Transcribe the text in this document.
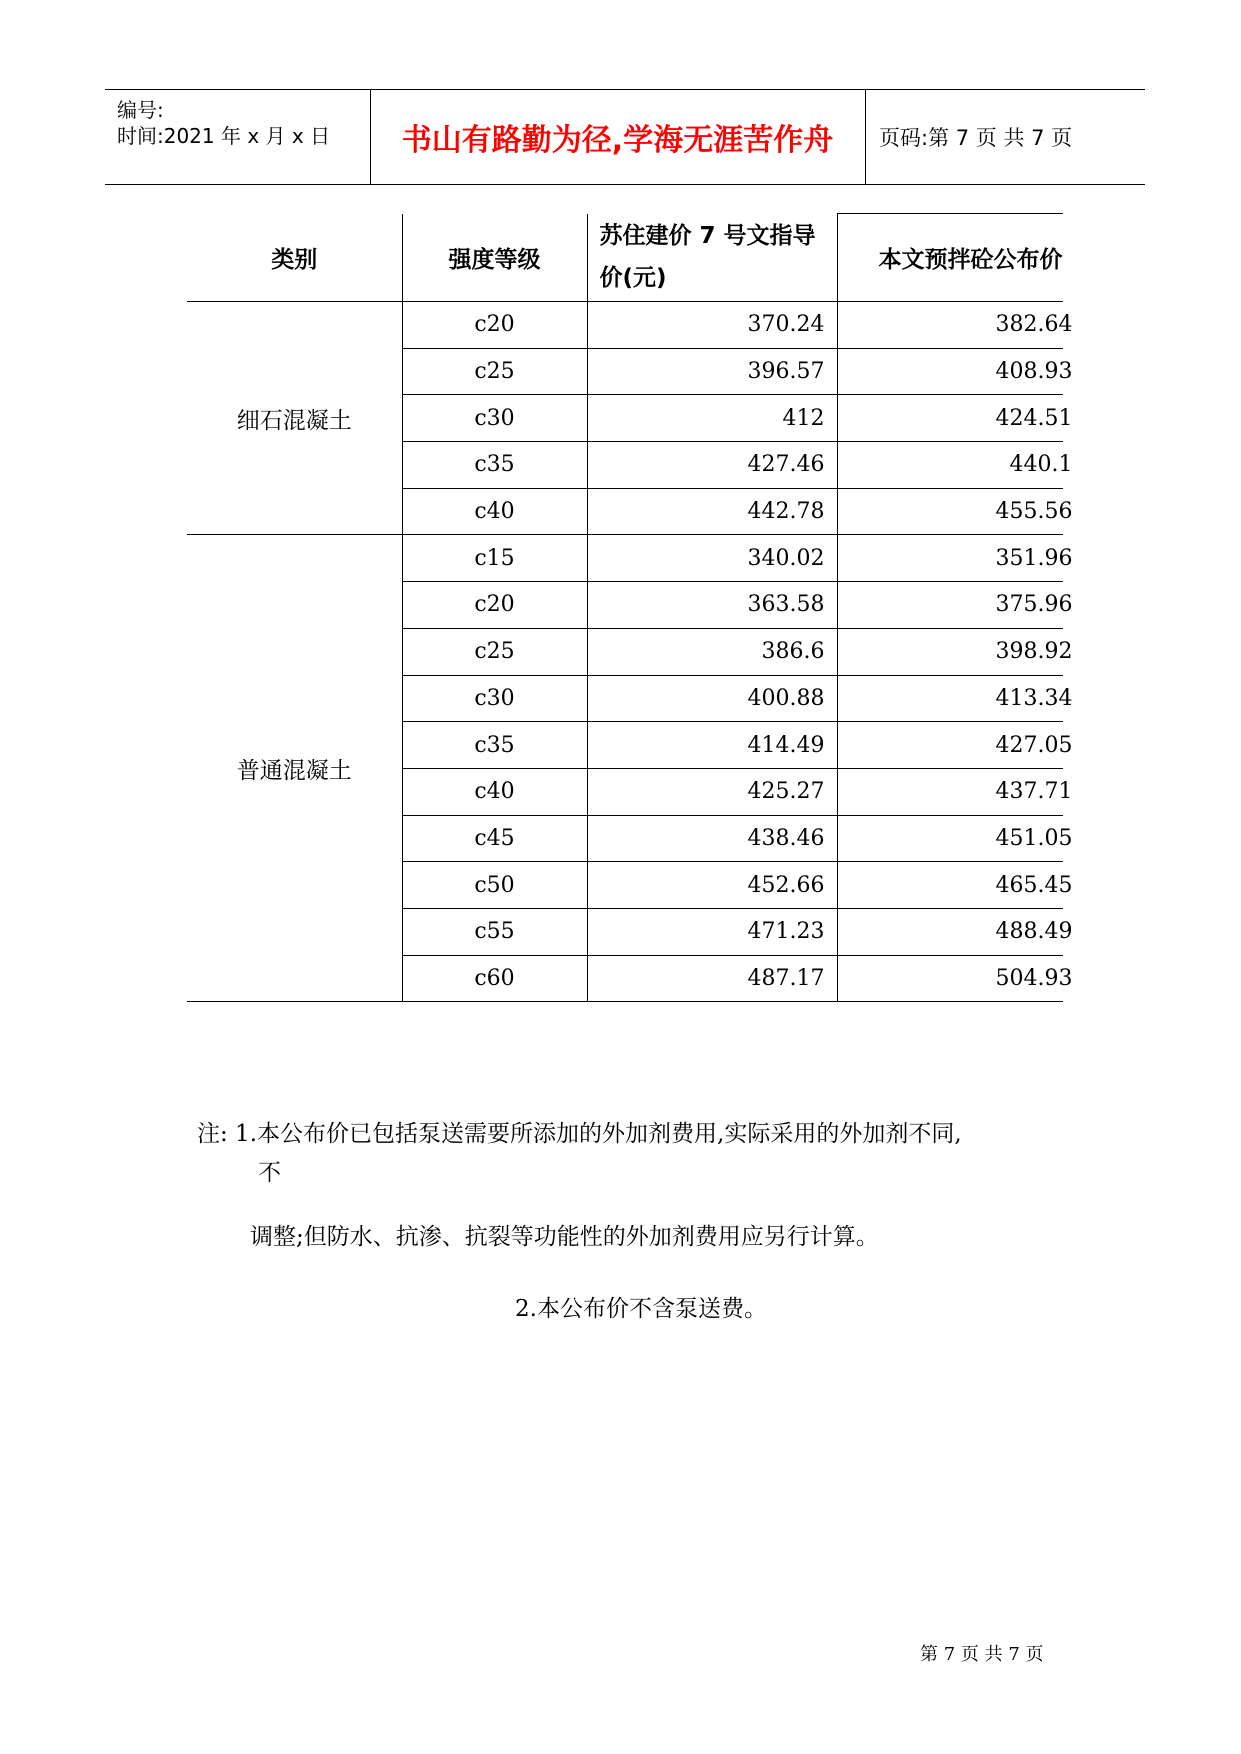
编号:
时间:2021 年 x 月 x 日 书山有路勤为径,学海无涯苦作舟 页码:第 7 页 共 7 页
类别	强度等级	苏住建价 7 号文指导价(元)	本文预拌砼公布价
细石混凝土	c20	370.24	382.64
	c25	396.57	408.93
	c30	412	424.51
	c35	427.46	440.1
	c40	442.78	455.56
普通混凝土	c15	340.02	351.96
	c20	363.58	375.96
	c25	386.6	398.92
	c30	400.88	413.34
	c35	414.49	427.05
	c40	425.27	437.71
	c45	438.46	451.05
	c50	452.66	465.45
	c55	471.23	488.49
	c60	487.17	504.93
注: 1.本公布价已包括泵送需要所添加的外加剂费用,实际采用的外加剂不同,
不
调整;但防水、抗渗、抗裂等功能性的外加剂费用应另行计算。
2.本公布价不含泵送费。
第 7 页 共 7 页
